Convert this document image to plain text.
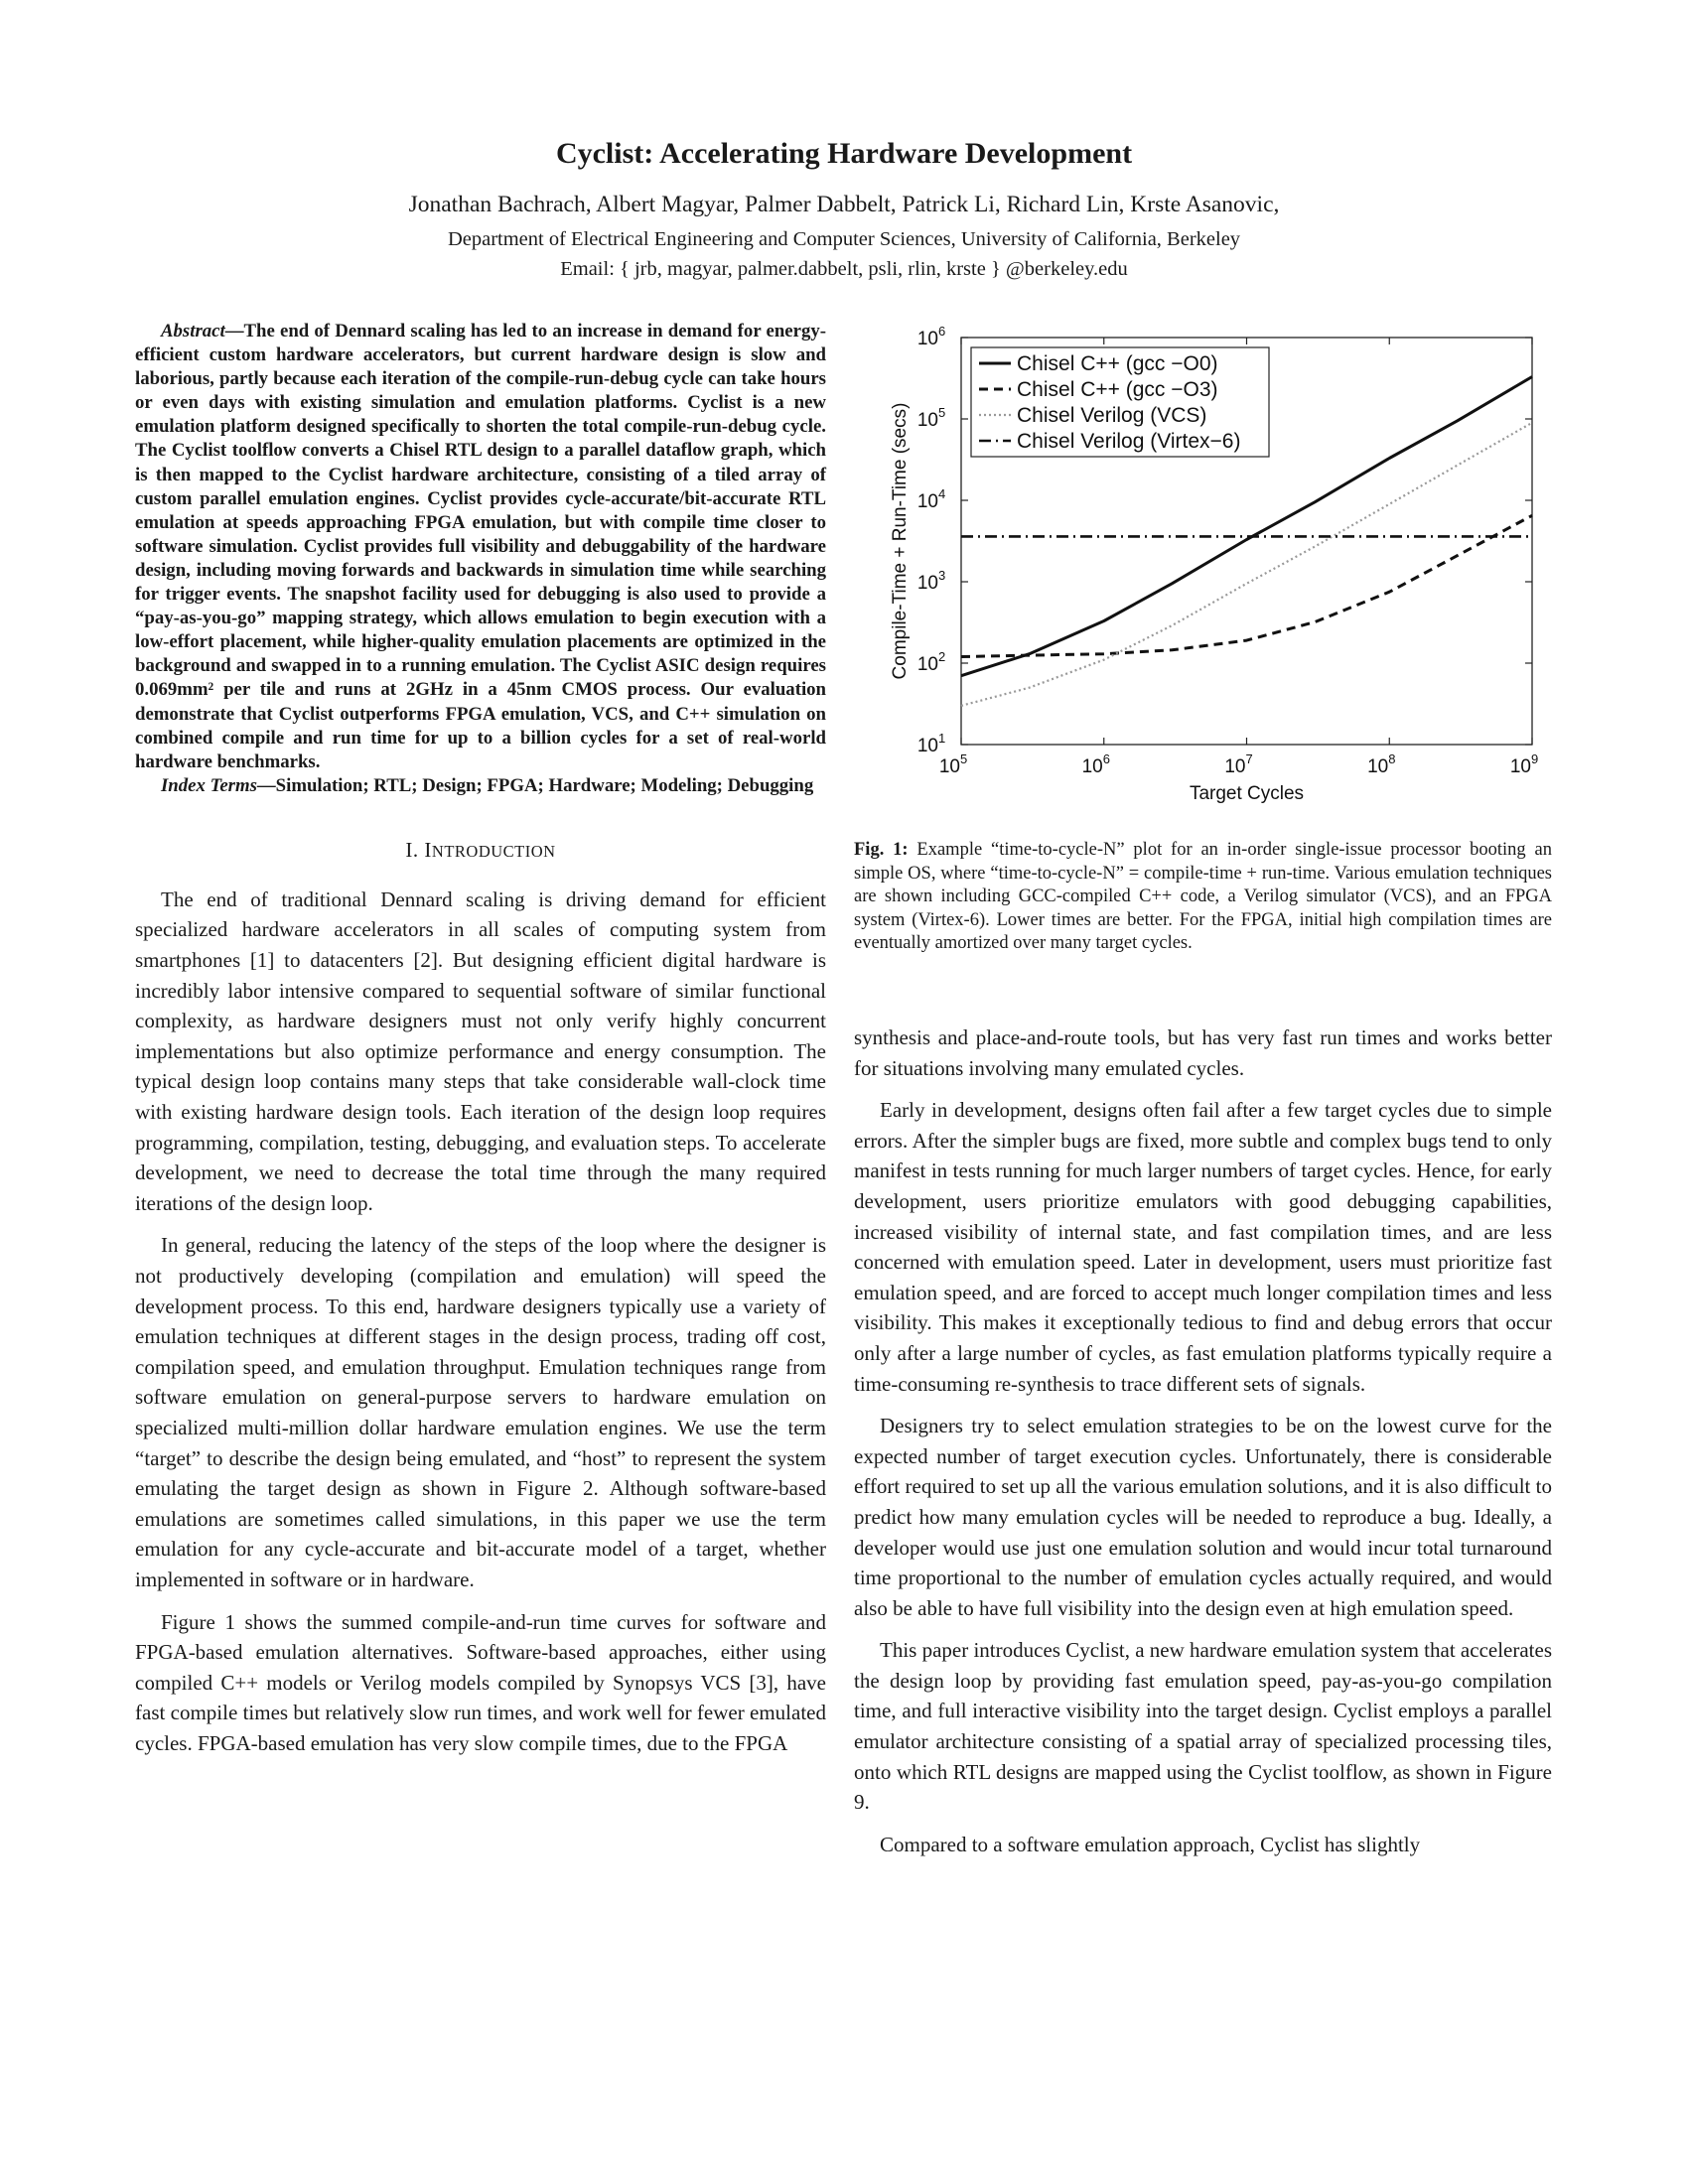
Cyclist: Accelerating Hardware Development
Jonathan Bachrach, Albert Magyar, Palmer Dabbelt, Patrick Li, Richard Lin, Krste Asanovic,
Department of Electrical Engineering and Computer Sciences, University of California, Berkeley
Email: { jrb, magyar, palmer.dabbelt, psli, rlin, krste } @berkeley.edu

Abstract—The end of Dennard scaling has led to an increase in demand for energy-efficient custom hardware accelerators, but current hardware design is slow and laborious, partly because each iteration of the compile-run-debug cycle can take hours or even days with existing simulation and emulation platforms. Cyclist is a new emulation platform designed specifically to shorten the total compile-run-debug cycle. The Cyclist toolflow converts a Chisel RTL design to a parallel dataflow graph, which is then mapped to the Cyclist hardware architecture, consisting of a tiled array of custom parallel emulation engines. Cyclist provides cycle-accurate/bit-accurate RTL emulation at speeds approaching FPGA emulation, but with compile time closer to software simulation. Cyclist provides full visibility and debuggability of the hardware design, including moving forwards and backwards in simulation time while searching for trigger events. The snapshot facility used for debugging is also used to provide a “pay-as-you-go” mapping strategy, which allows emulation to begin execution with a low-effort placement, while higher-quality emulation placements are optimized in the background and swapped in to a running emulation. The Cyclist ASIC design requires 0.069mm² per tile and runs at 2GHz in a 45nm CMOS process. Our evaluation demonstrate that Cyclist outperforms FPGA emulation, VCS, and C++ simulation on combined compile and run time for up to a billion cycles for a set of real-world hardware benchmarks.

Index Terms—Simulation; RTL; Design; FPGA; Hardware; Modeling; Debugging

I. INTRODUCTION

The end of traditional Dennard scaling is driving demand for efficient specialized hardware accelerators in all scales of computing system from smartphones [1] to datacenters [2]. But designing efficient digital hardware is incredibly labor intensive compared to sequential software of similar functional complexity, as hardware designers must not only verify highly concurrent implementations but also optimize performance and energy consumption. The typical design loop contains many steps that take considerable wall-clock time with existing hardware design tools. Each iteration of the design loop requires programming, compilation, testing, debugging, and evaluation steps. To accelerate development, we need to decrease the total time through the many required iterations of the design loop.

In general, reducing the latency of the steps of the loop where the designer is not productively developing (compilation and emulation) will speed the development process. To this end, hardware designers typically use a variety of emulation techniques at different stages in the design process, trading off cost, compilation speed, and emulation throughput. Emulation techniques range from software emulation on general-purpose servers to hardware emulation on specialized multi-million dollar hardware emulation engines. We use the term “target” to describe the design being emulated, and “host” to represent the system emulating the target design as shown in Figure 2. Although software-based emulations are sometimes called simulations, in this paper we use the term emulation for any cycle-accurate and bit-accurate model of a target, whether implemented in software or in hardware.

Figure 1 shows the summed compile-and-run time curves for software and FPGA-based emulation alternatives. Software-based approaches, either using compiled C++ models or Verilog models compiled by Synopsys VCS [3], have fast compile times but relatively slow run times, and work well for fewer emulated cycles. FPGA-based emulation has very slow compile times, due to the FPGA

$10^5$	$10^6$	$10^7$	$10^8$	$10^9$
$10^1$
$10^2$
$10^3$
$10^4$
$10^5$
$10^6$
Target Cycles
Compile-Time + Run-Time (secs)
Chisel C++ (gcc −O0)
Chisel C++ (gcc −O3)
Chisel Verilog (VCS)
Chisel Verilog (Virtex−6)

Fig. 1: Example “time-to-cycle-N” plot for an in-order single-issue processor booting an simple OS, where “time-to-cycle-N” = compile-time + run-time. Various emulation techniques are shown including GCC-compiled C++ code, a Verilog simulator (VCS), and an FPGA system (Virtex-6). Lower times are better. For the FPGA, initial high compilation times are eventually amortized over many target cycles.

synthesis and place-and-route tools, but has very fast run times and works better for situations involving many emulated cycles.

Early in development, designs often fail after a few target cycles due to simple errors. After the simpler bugs are fixed, more subtle and complex bugs tend to only manifest in tests running for much larger numbers of target cycles. Hence, for early development, users prioritize emulators with good debugging capabilities, increased visibility of internal state, and fast compilation times, and are less concerned with emulation speed. Later in development, users must prioritize fast emulation speed, and are forced to accept much longer compilation times and less visibility. This makes it exceptionally tedious to find and debug errors that occur only after a large number of cycles, as fast emulation platforms typically require a time-consuming re-synthesis to trace different sets of signals.

Designers try to select emulation strategies to be on the lowest curve for the expected number of target execution cycles. Unfortunately, there is considerable effort required to set up all the various emulation solutions, and it is also difficult to predict how many emulation cycles will be needed to reproduce a bug. Ideally, a developer would use just one emulation solution and would incur total turnaround time proportional to the number of emulation cycles actually required, and would also be able to have full visibility into the design even at high emulation speed.

This paper introduces Cyclist, a new hardware emulation system that accelerates the design loop by providing fast emulation speed, pay-as-you-go compilation time, and full interactive visibility into the target design. Cyclist employs a parallel emulator architecture consisting of a spatial array of specialized processing tiles, onto which RTL designs are mapped using the Cyclist toolflow, as shown in Figure 9.

Compared to a software emulation approach, Cyclist has slightly
